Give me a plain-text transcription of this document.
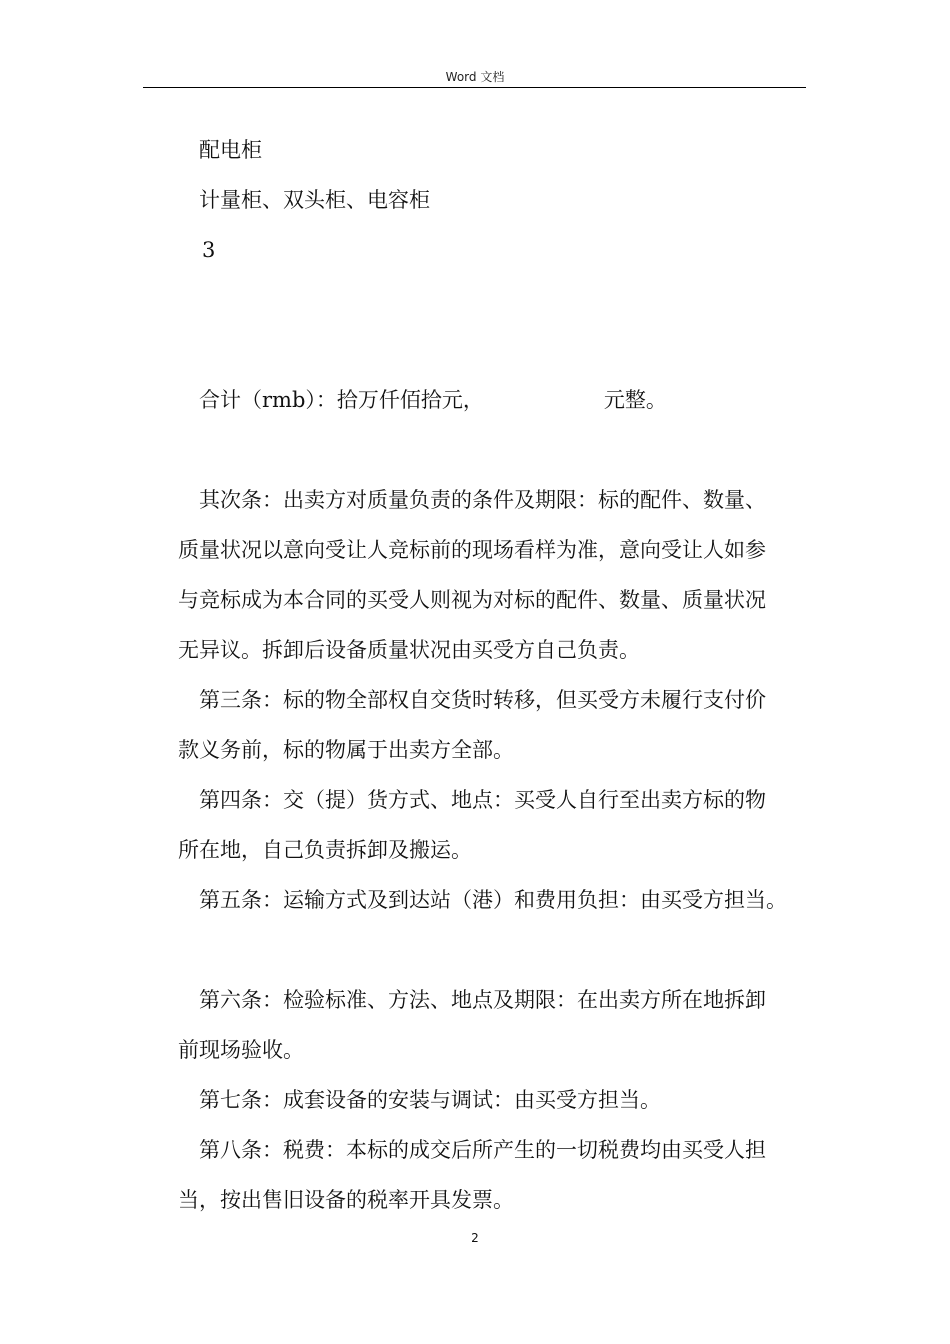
Word 文档
配电柜
计量柜、双头柜、电容柜
3
合计（rmb）：拾万仟佰拾元，	元整。
其次条：出卖方对质量负责的条件及期限：标的配件、数量、
质量状况以意向受让人竞标前的现场看样为准，意向受让人如参
与竞标成为本合同的买受人则视为对标的配件、数量、质量状况
无异议。拆卸后设备质量状况由买受方自己负责。
第三条：标的物全部权自交货时转移，但买受方未履行支付价
款义务前，标的物属于出卖方全部。
第四条：交（提）货方式、地点：买受人自行至出卖方标的物
所在地，自己负责拆卸及搬运。
第五条：运输方式及到达站（港）和费用负担：由买受方担当。
第六条：检验标准、方法、地点及期限：在出卖方所在地拆卸
前现场验收。
第七条：成套设备的安装与调试：由买受方担当。
第八条：税费：本标的成交后所产生的一切税费均由买受人担
当，按出售旧设备的税率开具发票。
2
